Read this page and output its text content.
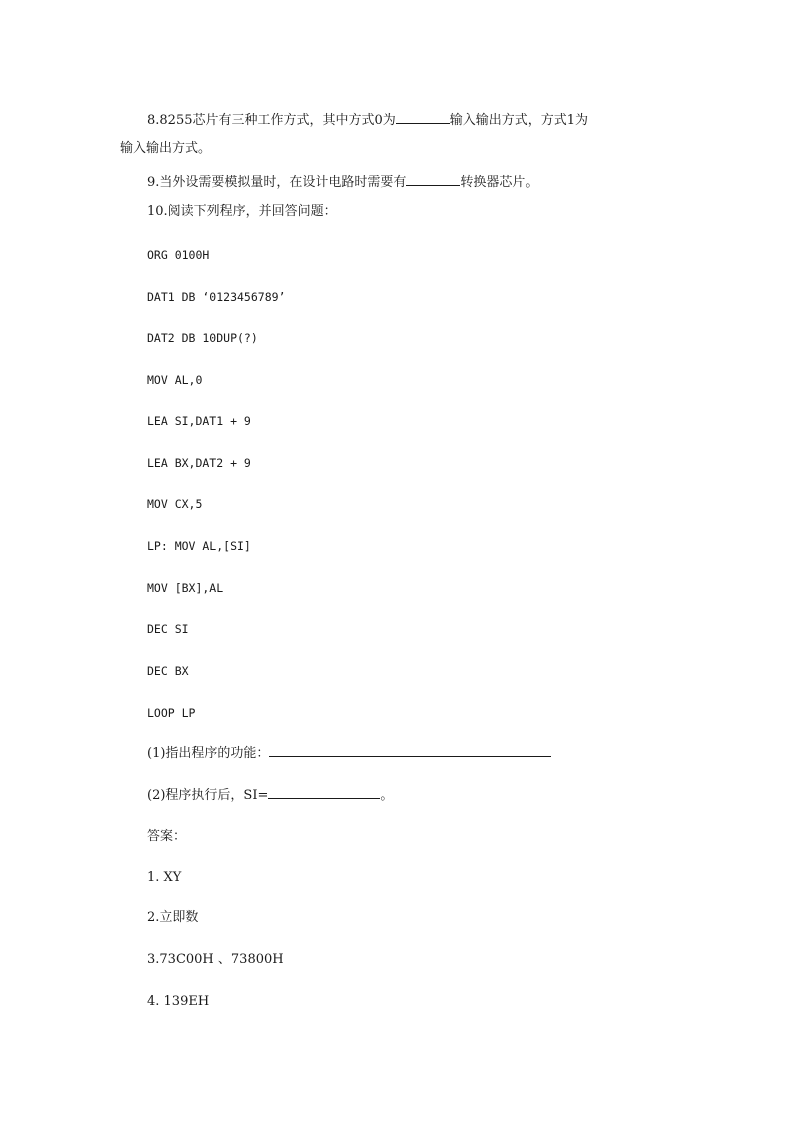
8.8255芯片有三种工作方式，其中方式0为	输入输出方式，方式1为
输入输出方式。
9.当外设需要模拟量时，在设计电路时需要有	转换器芯片。
10.阅读下列程序，并回答问题：
ORG 0100H
DAT1 DB ‘0123456789’
DAT2 DB 10DUP(?)
MOV AL,0
LEA SI,DAT1 + 9
LEA BX,DAT2 + 9
MOV CX,5
LP: MOV AL,[SI]
MOV [BX],AL
DEC SI
DEC BX
LOOP LP
(1)指出程序的功能：
(2)程序执行后，SI=	。
答案：
1. XY
2.立即数
3.73C00H 、73800H
4. 139EH
